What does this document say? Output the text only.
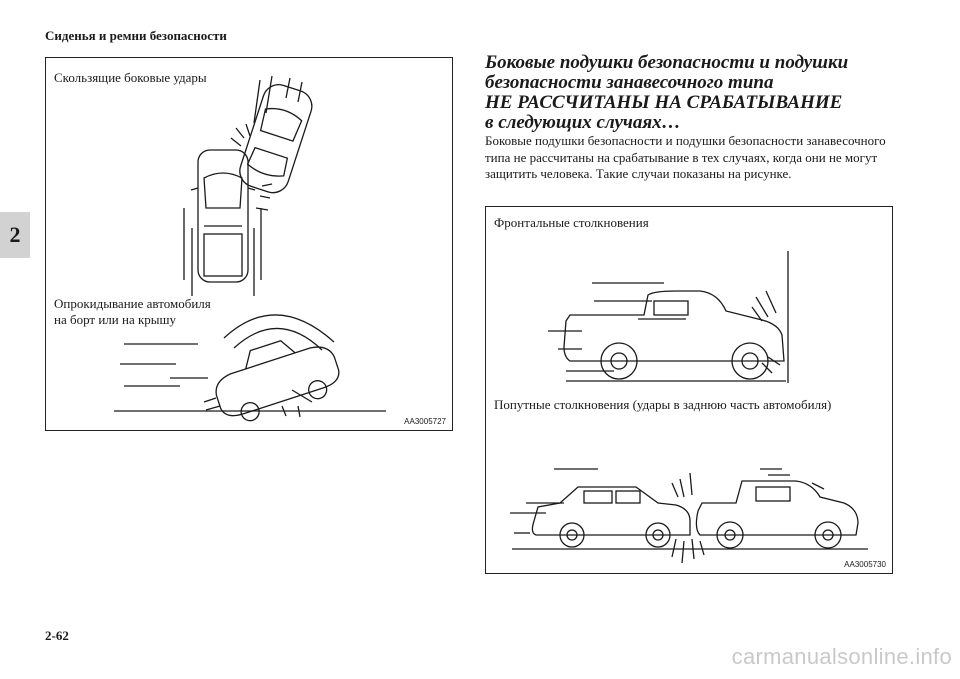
Сиденья и ремни безопасности
2
Скользящие боковые удары
Опрокидывание автомобиля
на борт или на крышу
AA3005727
Боковые подушки безопасности и подушки
безопасности занавесочного типа
НЕ РАССЧИТАНЫ НА СРАБАТЫВАНИЕ
в следующих случаях…
Боковые подушки безопасности и подушки безопасности занавесочного типа не рассчитаны на срабатывание в тех случаях, когда они не могут защитить человека. Такие случаи показаны на рисунке.
Фронтальные столкновения
Попутные столкновения (удары в заднюю часть автомобиля)
AA3005730
2-62
carmanualsonline.info
